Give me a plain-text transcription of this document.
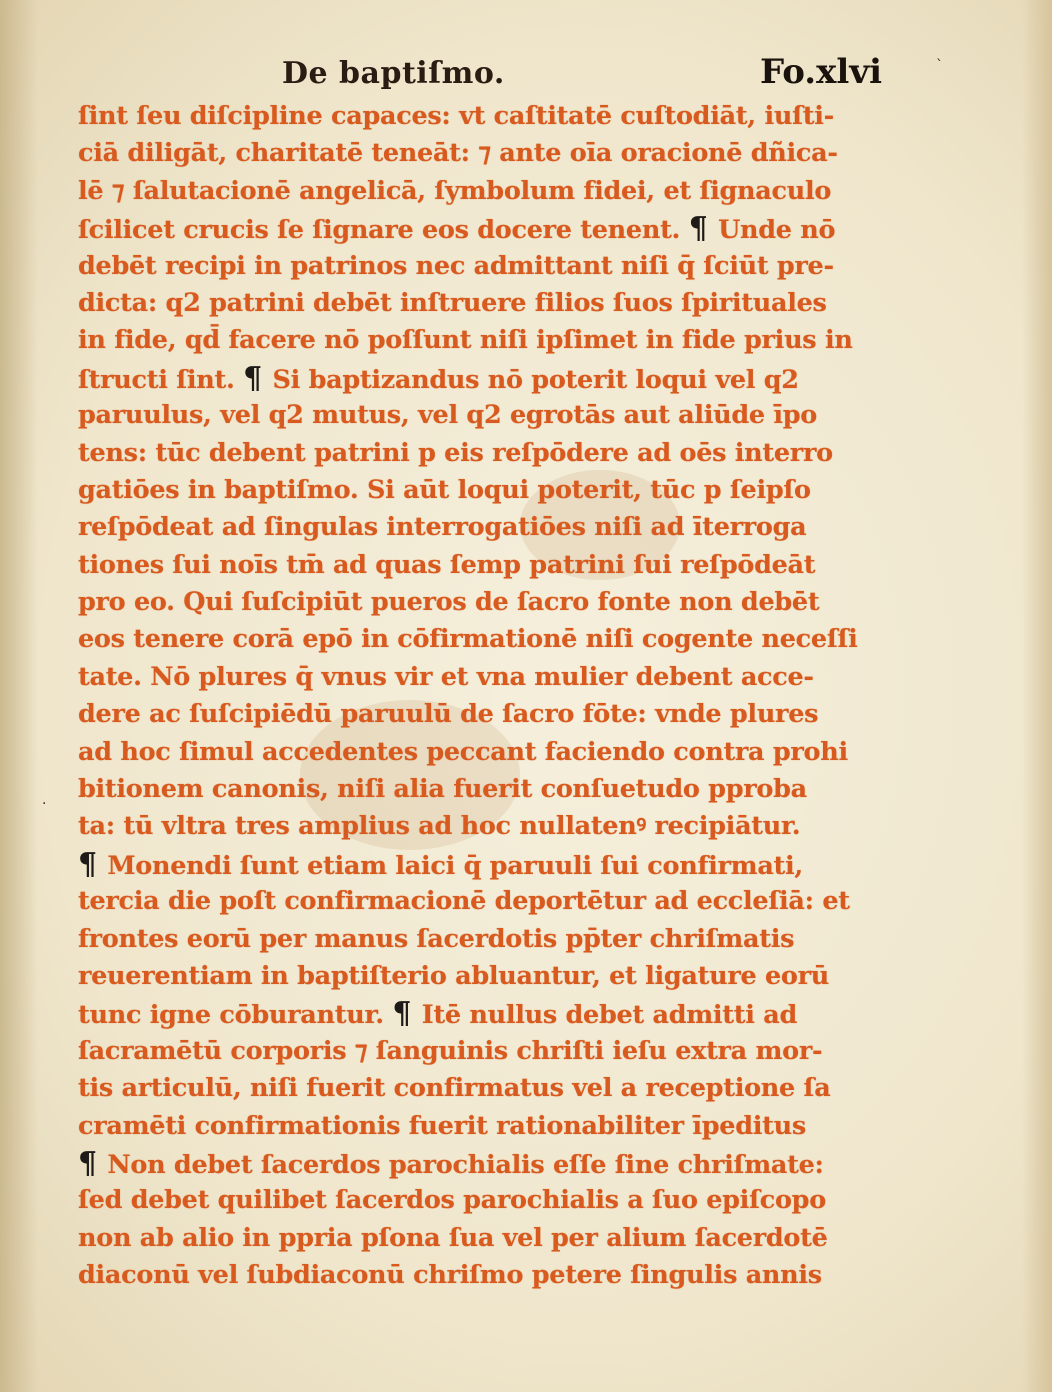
De baptiſmo.	Fo.xlvi
ſint ſeu diſcipline capaces: vt caſtitatē cuſtodiāt, iuſti-
ciā diligāt, charitatē teneāt: ⁊ ante oīa oracionē dñica-
lē ⁊ ſalutacionē angelicā, ſymbolum fidei, et ſignaculo
ſcilicet crucis ſe ſignare eos docere tenent. ¶ Unde nō
debēt recipi in patrinos nec admittant niſi q̄ ſciūt pre-
dicta: q2 patrini debēt inſtruere filios ſuos ſpirituales
in fide, qd̄ facere nō poſſunt niſi ipſimet in fide prius in
ſtructi ſint. ¶ Si baptizandus nō poterit loqui vel q2
paruulus, vel q2 mutus, vel q2 egrotās aut aliūde īpo
tens: tūc debent patrini p eis reſpōdere ad oēs interro
gatiōes in baptiſmo. Si aūt loqui poterit, tūc p ſeipſo
reſpōdeat ad ſingulas interrogatiōes niſi ad īterroga
tiones ſui noīs tm̄ ad quas ſemp patrini ſui reſpōdeāt
pro eo. Qui ſuſcipiūt pueros de ſacro fonte non debēt
eos tenere corā epō in cōfirmationē niſi cogente neceſſi
tate. Nō plures q̄ vnus vir et vna mulier debent acce-
dere ac ſuſcipiēdū paruulū de ſacro fōte: vnde plures
ad hoc ſimul accedentes peccant faciendo contra prohi
bitionem canonis, niſi alia fuerit conſuetudo pproba
ta: tū vltra tres amplius ad hoc nullatenꝰ recipiātur.
¶ Monendi ſunt etiam laici q̄ paruuli ſui confirmati,
tercia die poſt confirmacionē deportētur ad eccleſiā: et
frontes eorū per manus ſacerdotis pp̄ter chriſmatis
reuerentiam in baptiſterio abluantur, et ligature eorū
tunc igne cōburantur. ¶ Itē nullus debet admitti ad
ſacramētū corporis ⁊ ſanguinis chriſti ieſu extra mor-
tis articulū, niſi fuerit confirmatus vel a receptione ſa
cramēti confirmationis fuerit rationabiliter īpeditus
¶ Non debet ſacerdos parochialis eſſe ſine chriſmate:
ſed debet quilibet ſacerdos parochialis a ſuo epiſcopo
non ab alio in ppria pſona ſua vel per alium ſacerdotē
diaconū vel ſubdiaconū chriſmo petere ſingulis annis
·
ˋ
